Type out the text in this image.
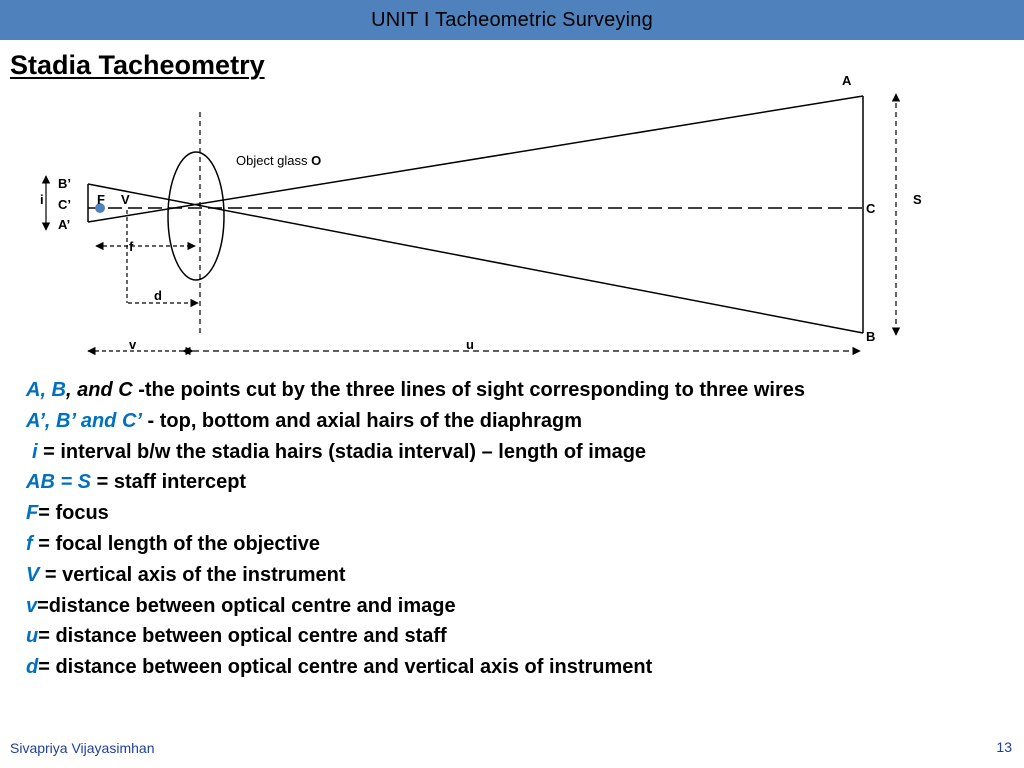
UNIT I Tacheometric Surveying
Stadia Tacheometry
A
B
C
S
B’
C’
A’
i	F V
f
d
v	u
Object glass O
A, B, and C -the points cut by the three lines of sight corresponding to three wires
A’, B’ and C’ - top, bottom and axial hairs of the diaphragm
i = interval b/w the stadia hairs (stadia interval) – length of image
AB = S = staff intercept
F= focus
f = focal length of the objective
V = vertical axis of the instrument
v=distance between optical centre and image
u= distance between optical centre and staff
d= distance between optical centre and vertical axis of instrument
Sivapriya Vijayasimhan	13
